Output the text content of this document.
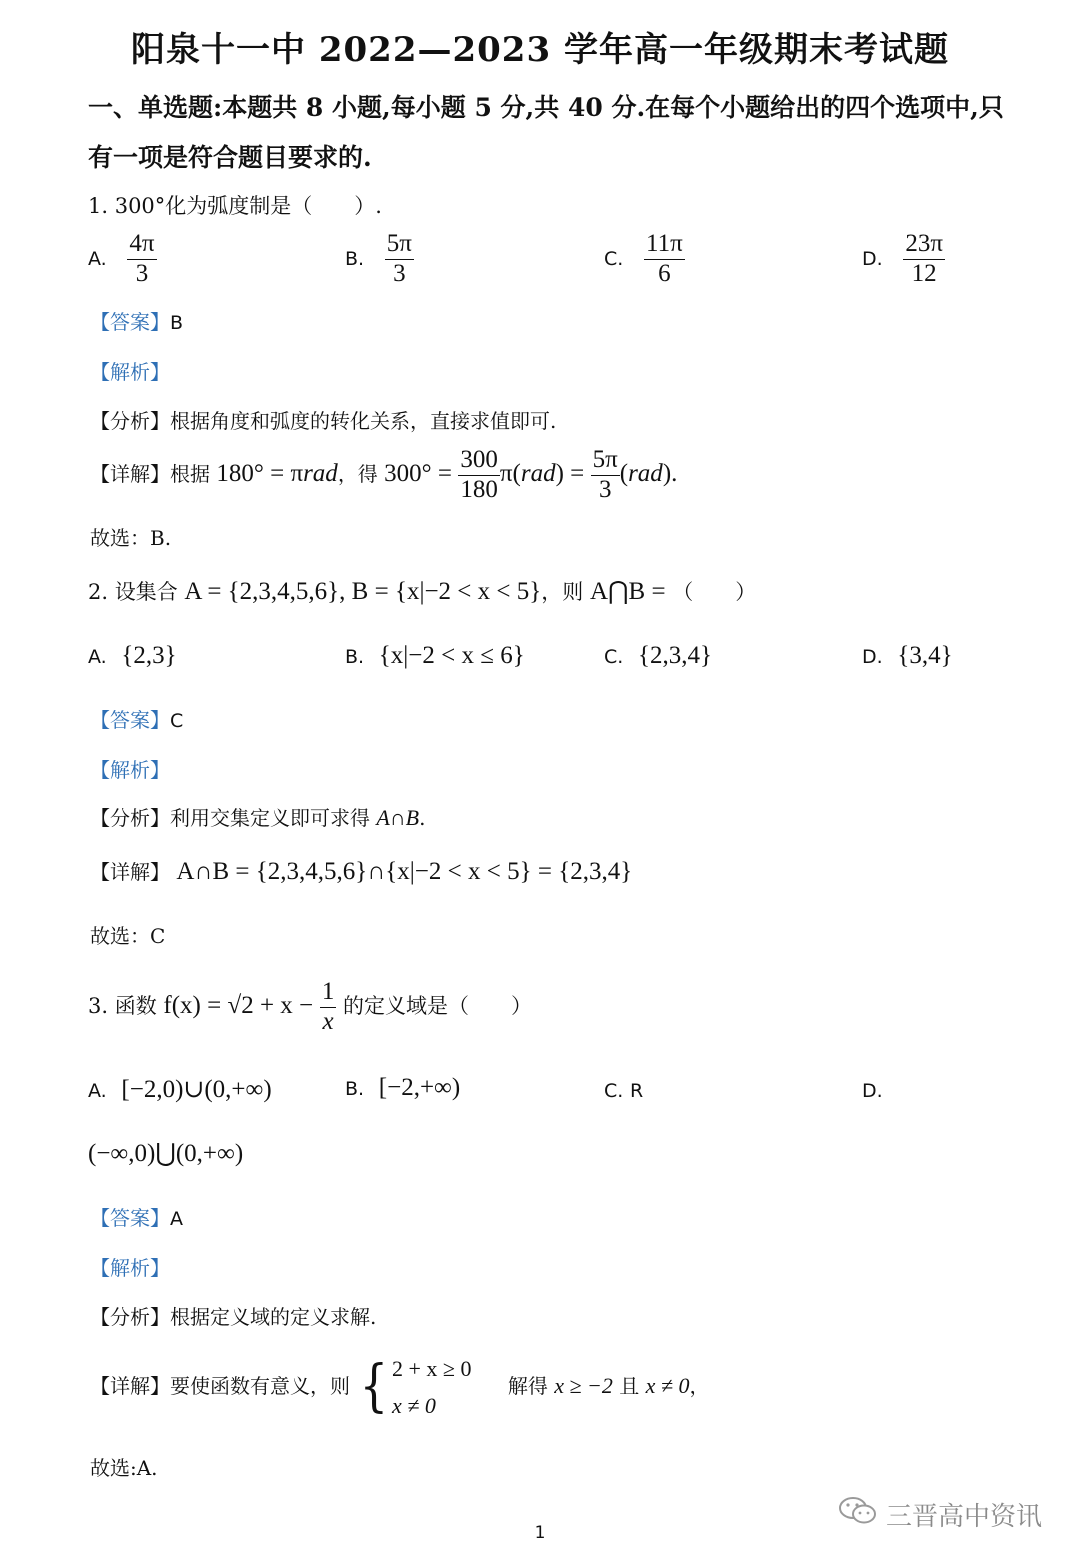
阳泉十一中 2022—2023 学年高一年级期末考试题
一、单选题:本题共 8 小题,每小题 5 分,共 40 分.在每个小题给出的四个选项中,只
有一项是符合题目要求的.
1. 300°化为弧度制是（　　）.
A. $\frac{4\pi}{3}$	B. $\frac{5\pi}{3}$	C. $\frac{11\pi}{6}$	D. $\frac{23\pi}{12}$
【答案】B
【解析】
【分析】根据角度和弧度的转化关系，直接求值即可.
【详解】根据 180° = πrad，得 $300^\circ = \frac{300}{180} \pi(rad) = \frac{5\pi}{3} (rad)$.
故选：B.
2. 设集合 A = {2,3,4,5,6}, B = {x|−2 < x < 5}，则 A⋂B = （　　）
A. {2,3}	B. {x|−2 < x ≤ 6}	C. {2,3,4}	D. {3,4}
【答案】C
【解析】
【分析】利用交集定义即可求得 A∩B.
【详解】 A∩B = {2,3,4,5,6}∩{x|−2 < x < 5} = {2,3,4}
故选：C
3. 函数 $f(x) = √2 + x - \frac{1}{x}$ 的定义域是（　　）
A. [−2,0)∪(0,+∞)	B. [−2,+∞)	C. R	D.
(−∞,0)⋃(0,+∞)
【答案】A
【解析】
【分析】根据定义域的定义求解.
【详解】要使函数有意义，则 { 2 + x ≥ 0
x ≠ 0
解得 x ≥ −2 且 x ≠ 0，
故选:A.
三晋高中资讯
1
